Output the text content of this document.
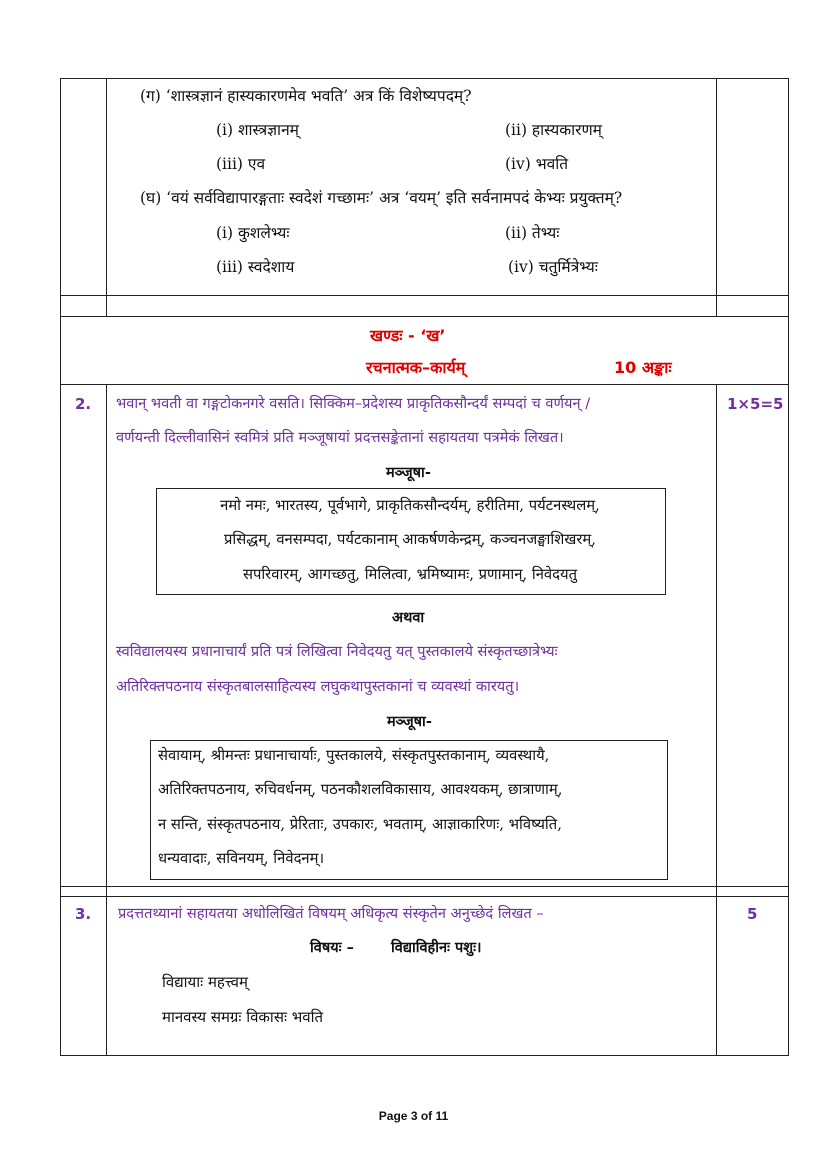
(ग) ‘शास्त्रज्ञानं हास्यकारणमेव भवति’ अत्र किं विशेष्यपदम्?
(i) शास्त्रज्ञानम्	(ii) हास्यकारणम्
(iii) एव	(iv) भवति
(घ) ‘वयं सर्वविद्यापारङ्गताः स्वदेशं गच्छामः’ अत्र ‘वयम्’ इति सर्वनामपदं केभ्यः प्रयुक्तम्?
(i) कुशलेभ्यः	(ii) तेभ्यः
(iii) स्वदेशाय	(iv) चतुर्मित्रेभ्यः
खण्डः - ‘ख’
रचनात्मक–कार्यम्	10 अङ्काः
2.	1×5=5
भवान् भवती वा गङ्गटोकनगरे वसति। सिक्किम–प्रदेशस्य प्राकृतिकसौन्दर्यं सम्पदां च वर्णयन् /
वर्णयन्ती दिल्लीवासिनं स्वमित्रं प्रति मञ्जूषायां प्रदत्तसङ्केतानां सहायतया पत्रमेकं लिखत।
मञ्जूषा-
नमो नमः, भारतस्य, पूर्वभागे, प्राकृतिकसौन्दर्यम्, हरीतिमा, पर्यटनस्थलम्,
प्रसिद्धम्, वनसम्पदा, पर्यटकानाम् आकर्षणकेन्द्रम्, कञ्चनजङ्घाशिखरम्,
सपरिवारम्, आगच्छतु, मिलित्वा, भ्रमिष्यामः, प्रणामान्, निवेदयतु
अथवा
स्वविद्यालयस्य प्रधानाचार्यं प्रति पत्रं लिखित्वा निवेदयतु यत् पुस्तकालये संस्कृतच्छात्रेभ्यः
अतिरिक्तपठनाय संस्कृतबालसाहित्यस्य लघुकथापुस्तकानां च व्यवस्थां कारयतु।
मञ्जूषा-
सेवायाम्, श्रीमन्तः प्रधानाचार्याः, पुस्तकालये, संस्कृतपुस्तकानाम्, व्यवस्थायै,
अतिरिक्तपठनाय, रुचिवर्धनम्, पठनकौशलविकासाय, आवश्यकम्, छात्राणाम्,
न सन्ति, संस्कृतपठनाय, प्रेरिताः, उपकारः, भवताम्, आज्ञाकारिणः, भविष्यति,
धन्यवादाः, सविनयम्, निवेदनम्।
3.	5
प्रदत्ततथ्यानां सहायतया अधोलिखितं विषयम् अधिकृत्य संस्कृतेन अनुच्छेदं लिखत –
विषयः –	विद्याविहीनः पशुः।
विद्यायाः महत्त्वम्
मानवस्य समग्रः विकासः भवति
Page 3 of 11
